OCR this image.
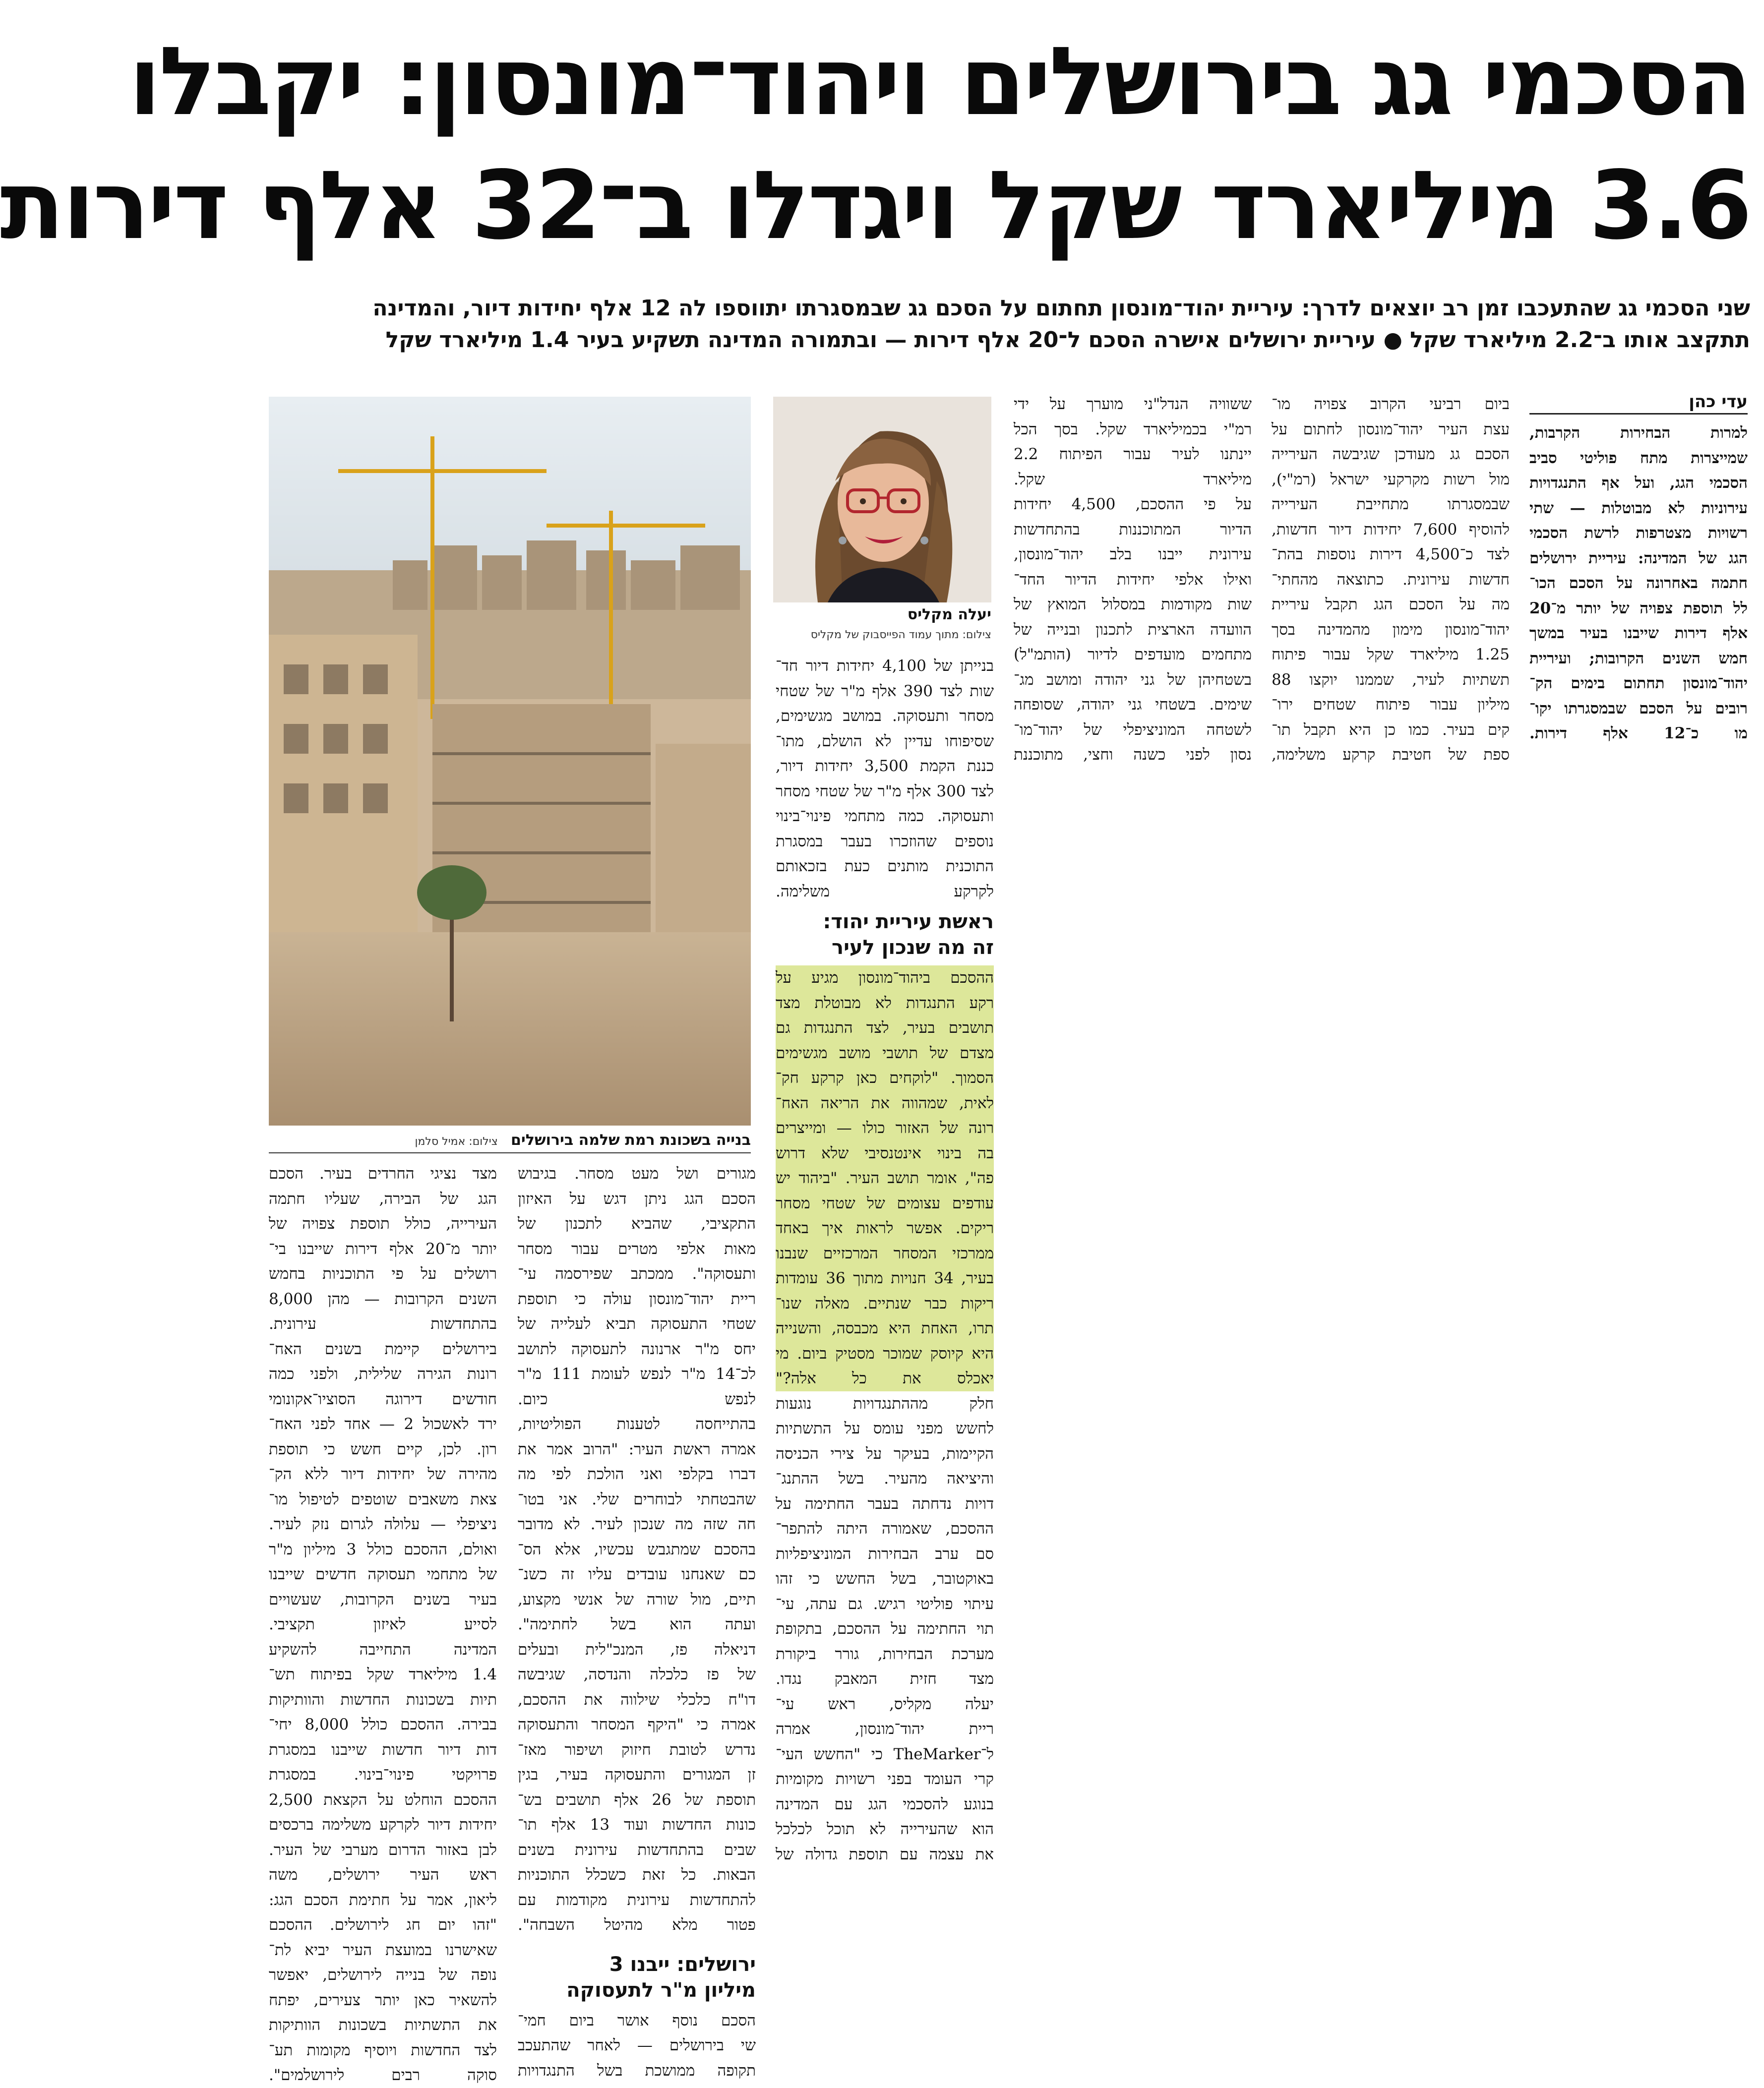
הסכמי גג בירושלים ויהוד־מונסון: יקבלו
3.6 מיליארד שקל ויגדלו ב־32 אלף דירות
שני הסכמי גג שהתעכבו זמן רב יוצאים לדרך: עיריית יהוד־מונסון תחתום על הסכם גג שבמסגרתו יתווספו לה 12 אלף יחידות דיור, והמדינה
תתקצב אותו ב־2.2 מיליארד שקל ● עיריית ירושלים אישרה הסכם ל־20 אלף דירות — ובתמורה המדינה תשקיע בעיר 1.4 מיליארד שקל
עדי כהן
למרות הבחירות הקרבות,
שמייצרות מתח פוליטי סביב
הסכמי הגג, ועל אף התנגדויות
עירוניות לא מבוטלות — שתי
רשויות מצטרפות לרשת הסכמי
הגג של המדינה: עיריית ירושלים
חתמה באחרונה על הסכם הכו־
לל תוספת צפויה של יותר מ־20
אלף דירות שייבנו בעיר במשך
חמש השנים הקרובות; ועיריית
יהוד־מונסון תחתום בימים הק־
רובים על הסכם שבמסגרתו יקו־
מו כ־12 אלף דירות.
ביום רביעי הקרוב צפויה מו־
עצת העיר יהוד־מונסון לחתום על
הסכם גג מעודכן שגיבשה העירייה
מול רשות מקרקעי ישראל (רמ"י),
שבמסגרתו מתחייבת העירייה
להוסיף 7,600 יחידות דיור חדשות,
לצד כ־4,500 דירות נוספות בהת־
חדשות עירונית. כתוצאה מהחתי־
מה על הסכם הגג תקבל עיריית
יהוד־מונסון מימון מהמדינה בסך
1.25 מיליארד שקל עבור פיתוח
תשתיות לעיר, שממנו יוקצו 88
מיליון עבור פיתוח שטחים ירו־
קים בעיר. כמו כן היא תקבל תו־
ספת של חטיבת קרקע משלימה,
ששוויה הנדל"ני מוערך על ידי
רמ"י בכמיליארד שקל. בסך הכל
יינתנו לעיר עבור הפיתוח 2.2
מיליארד שקל.
על פי ההסכם, 4,500 יחידות
הדיור המתוכננות בהתחדשות
עירונית ייבנו בלב יהוד־מונסון,
ואילו אלפי יחידות הדיור החד־
שות מקודמות במסלול המואץ של
הוועדה הארצית לתכנון ובנייה של
מתחמים מועדפים לדיור (הותמ"ל)
בשטחיהן של גני יהודה ומושב מג־
שימים. בשטחי גני יהודה, שסופחה
לשטחה המוניציפלי של יהוד־מו־
נסון לפני כשנה וחצי, מתוכננת
יעלה מקליס
צילום: מתוך עמוד הפייסבוק של מקליס
בנייתן של 4,100 יחידות דיור חד־
שות לצד 390 אלף מ"ר של שטחי
מסחר ותעסוקה. במושב מגשימים,
שסיפוחו עדיין לא הושלם, מתו־
כננת הקמת 3,500 יחידות דיור,
לצד 300 אלף מ"ר של שטחי מסחר
ותעסוקה. כמה מתחמי פינוי־בינוי
נוספים שהוזכרו בעבר במסגרת
התוכנית מותנים כעת בזכאותם
לקרקע משלימה.
ראשת עיריית יהוד:
זה מה שנכון לעיר
ההסכם ביהוד־מונסון מגיע על
רקע התנגדות לא מבוטלת מצד
תושבים בעיר, לצד התנגדות גם
מצדם של תושבי מושב מגשימים
הסמוך. "לוקחים כאן קרקע חק־
לאית, שמהווה את הריאה האח־
רונה של האזור כולו — ומייצרים
בה בינוי אינטנסיבי שלא דרוש
פה", אומר תושב העיר. "ביהוד יש
עודפים עצומים של שטחי מסחר
ריקים. אפשר לראות איך באחד
ממרכזי המסחר המרכזיים שנבנו
בעיר, 34 חנויות מתוך 36 עומדות
ריקות כבר שנתיים. מאלה שנו־
תרו, האחת היא מכבסה, והשנייה
היא קיוסק שמוכר מסטיק ביום. מי
יאכלס את כל אלה?"
חלק מההתנגדויות נוגעות
לחשש מפני עומס על התשתיות
הקיימות, בעיקר על צירי הכניסה
והיציאה מהעיר. בשל ההתנג־
דויות נדחתה בעבר החתימה על
ההסכם, שאמורה היתה להתפר־
סם ערב הבחירות המוניציפליות
באוקטובר, בשל החשש כי זהו
עיתוי פוליטי רגיש. גם עתה, עי־
תוי החתימה על ההסכם, בתקופת
מערכת הבחירות, גורר ביקורת
מצד חזית המאבק נגדו.
יעלה מקליס, ראש עי־
ריית יהוד־מונסון, אמרה
ל־TheMarker כי "החשש העי־
קרי העומד בפני רשויות מקומיות
בנוגע להסכמי הגג עם המדינה
הוא שהעירייה לא תוכל לכלכל
את עצמה עם תוספת גדולה של
בנייה בשכונת רמת שלמה בירושלים צילום: אמיל סלמן
מגורים ושל מעט מסחר. בגיבוש
הסכם הגג ניתן דגש על האיזון
התקציבי, שהביא לתכנון של
מאות אלפי מטרים עבור מסחר
ותעסוקה". ממכתב שפירסמה עי־
ריית יהוד־מונסון עולה כי תוספת
שטחי התעסוקה תביא לעלייה של
יחס מ"ר ארנונה לתעסוקה לתושב
לכ־14 מ"ר לנפש לעומת 111 מ"ר
לנפש כיום.
בהתייחסה לטענות הפוליטיות,
אמרה ראשת העיר: "הרוב אמר את
דברו בקלפי ואני הולכת לפי מה
שהבטחתי לבוחרים שלי. אני בטו־
חה שזה מה שנכון לעיר. לא מדובר
בהסכם שמתגבש עכשיו, אלא הס־
כם שאנחנו עובדים עליו זה כשנ־
תיים, מול שורה של אנשי מקצוע,
ועתה הוא בשל לחתימה".
דניאלה פז, המנכ"לית ובעלים
של פז כלכלה והנדסה, שגיבשה
דו"ח כלכלי שילווה את ההסכם,
אמרה כי "היקף המסחר והתעסוקה
נדרש לטובת חיזוק ושיפור מאז־
זן המגורים והתעסוקה בעיר, בגין
תוספת של 26 אלף תושבים בש־
כונות החדשות ועוד 13 אלף תו־
שבים בהתחדשות עירונית בשנים
הבאות. כל זאת כשכלל התוכניות
להתחדשות עירונית מקודמות עם
פטור מלא מהיטל השבחה".
ירושלים: ייבנו 3
מיליון מ"ר לתעסוקה
הסכם נוסף אושר ביום חמי־
שי בירושלים — לאחר שהתעכב
תקופה ממושכת בשל התנגדויות
מצד נציגי החרדים בעיר. הסכם
הגג של הבירה, שעליו חתמה
העירייה, כולל תוספת צפויה של
יותר מ־20 אלף דירות שייבנו בי־
רושלים על פי התוכניות בחמש
השנים הקרובות — מהן 8,000
בהתחדשות עירונית.
בירושלים קיימת בשנים האח־
רונות הגירה שלילית, ולפני כמה
חודשים דירוגה הסוציו־אקונומי
ירד לאשכול 2 — אחד לפני האח־
רון. לכן, קיים חשש כי תוספת
מהירה של יחידות דיור ללא הק־
צאת משאבים שוטפים לטיפול מו־
ניציפלי — עלולה לגרום נזק לעיר.
ואולם, ההסכם כולל 3 מיליון מ"ר
של מתחמי תעסוקה חדשים שייבנו
בעיר בשנים הקרובות, שעשויים
לסייע לאיזון תקציבי.
המדינה התחייבה להשקיע
1.4 מיליארד שקל בפיתוח תש־
תיות בשכונות החדשות והוותיקות
בבירה. ההסכם כולל 8,000 יחי־
דות דיור חדשות שייבנו במסגרת
פרויקטי פינוי־בינוי. במסגרת
ההסכם הוחלט על הקצאת 2,500
יחידות דיור לקרקע משלימה ברכסים
לבן באזור הדרום מערבי של העיר.
ראש העיר ירושלים, משה
ליאון, אמר על חתימת הסכם הגג:
"זהו יום חג לירושלים. ההסכם
שאישרנו במועצת העיר יביא לת־
נופה של בנייה לירושלים, יאפשר
להשאיר כאן יותר צעירים, יפתח
את התשתיות בשכונות הוותיקות
לצד החדשות ויוסיף מקומות תע־
סוקה רבים לירושלמים".
